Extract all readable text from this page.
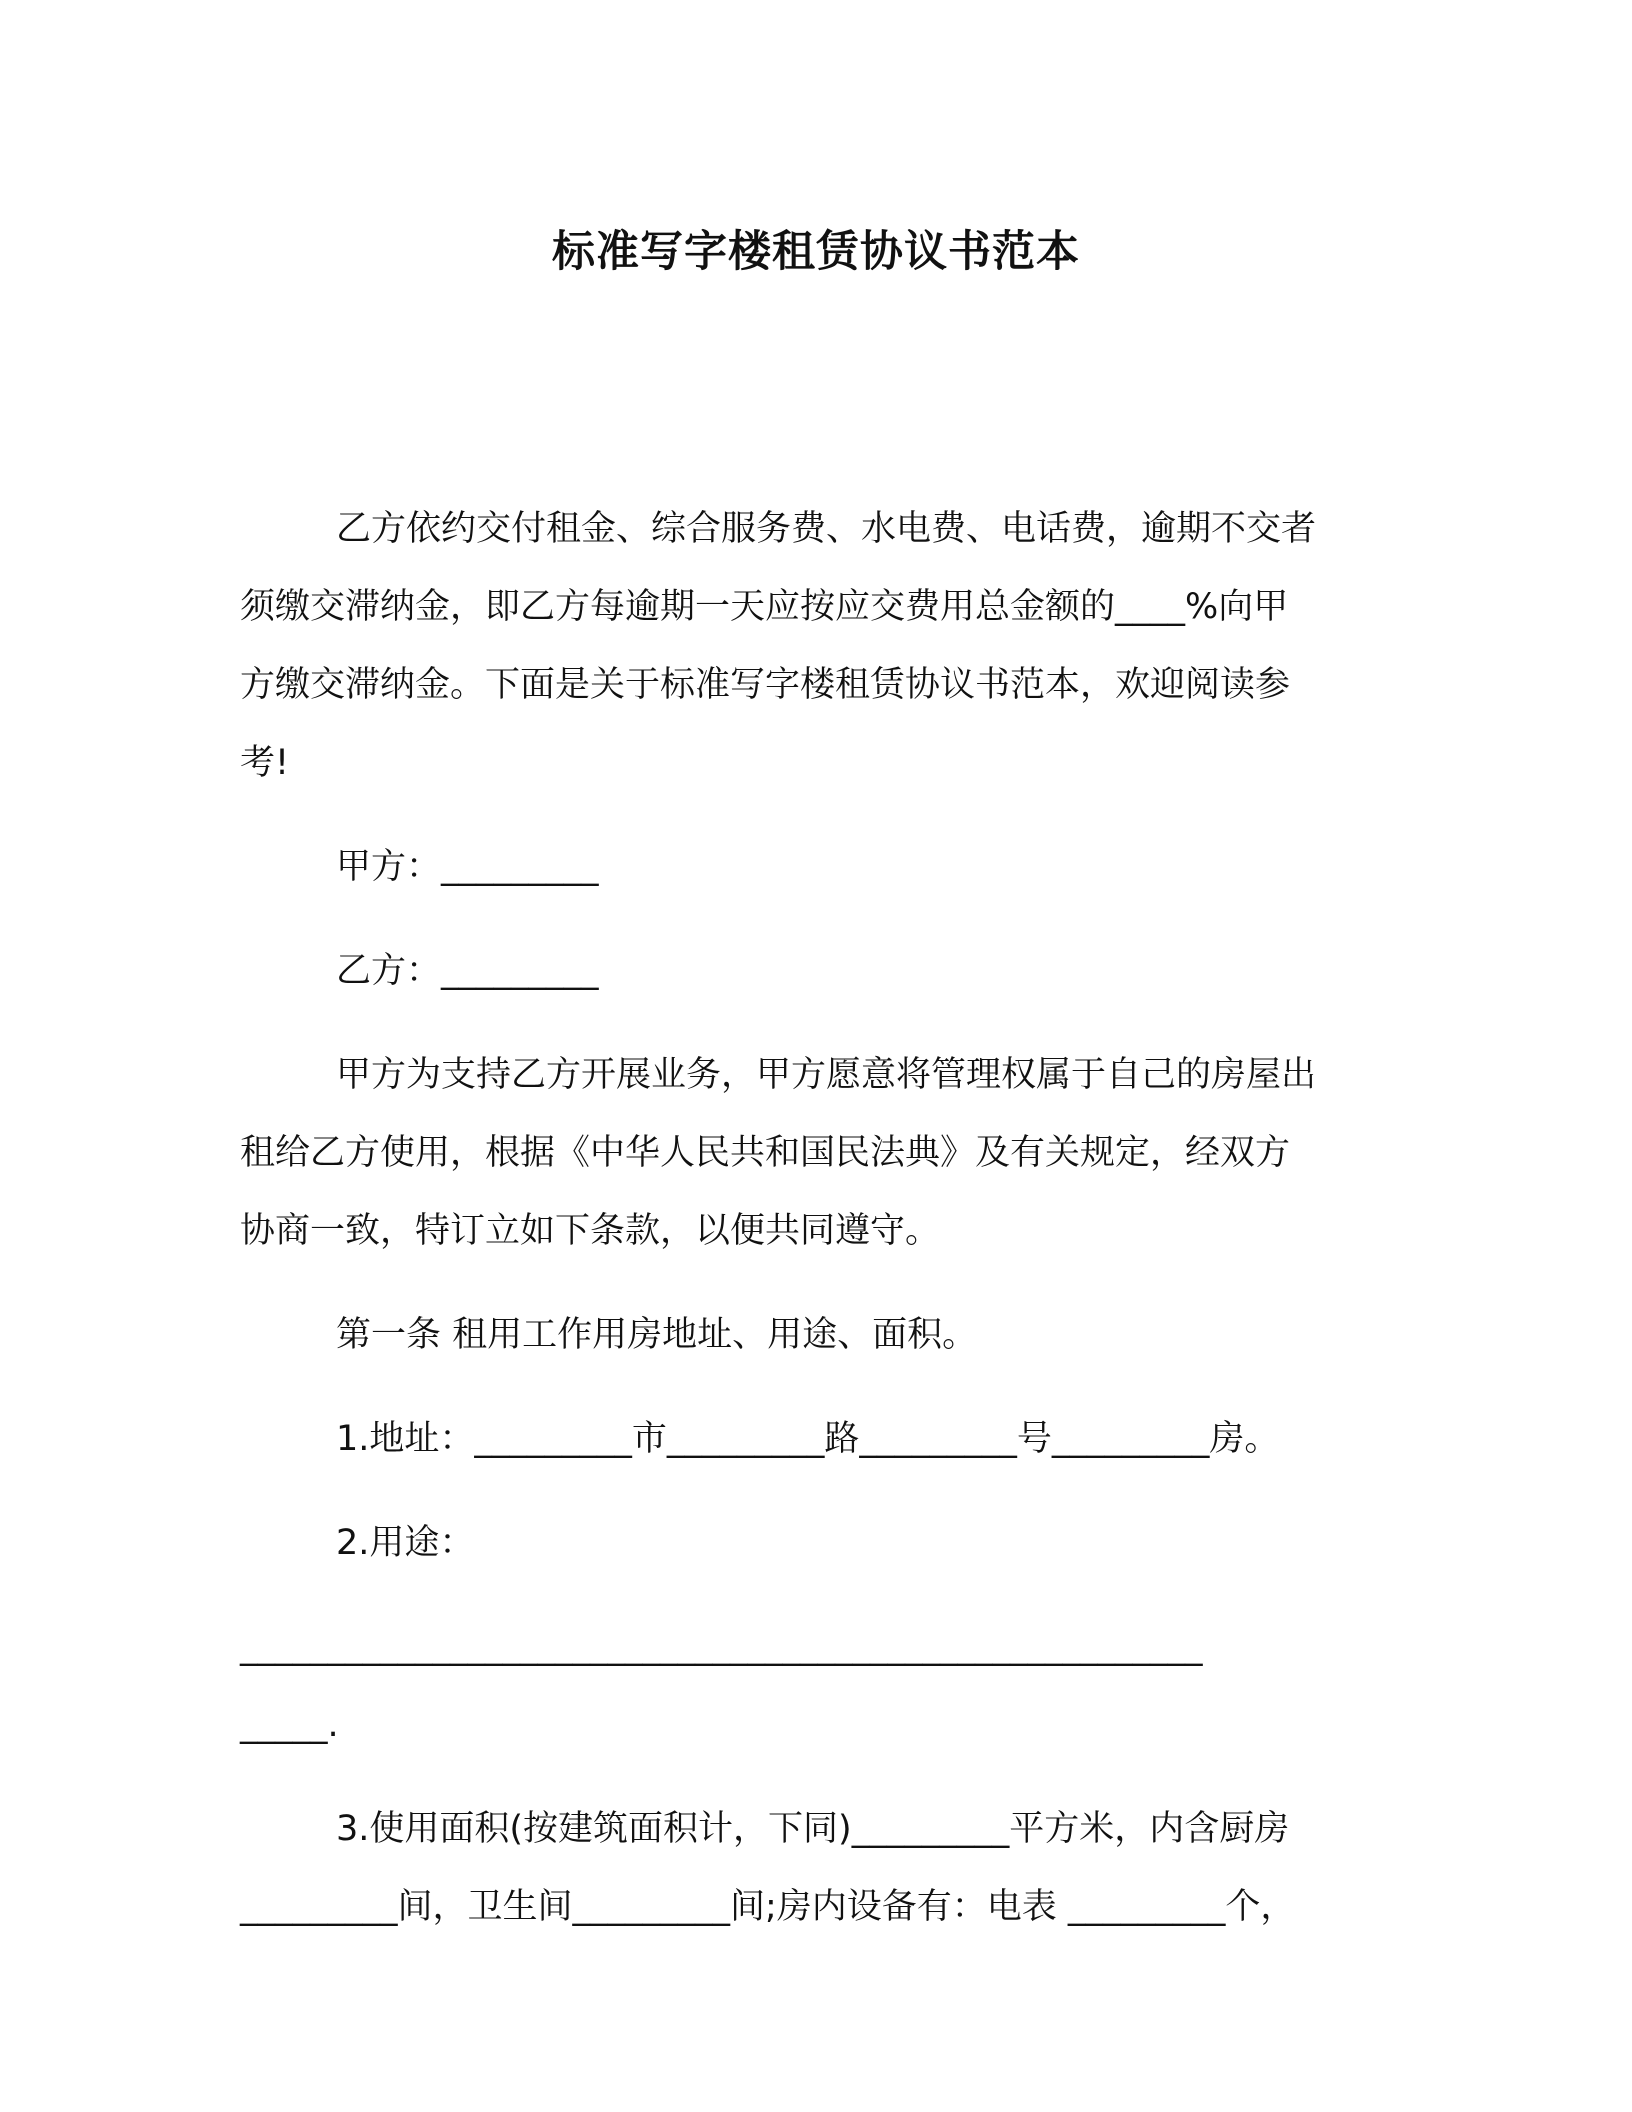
标准写字楼租赁协议书范本
乙方依约交付租金、综合服务费、水电费、电话费，逾期不交者
须缴交滞纳金，即乙方每逾期一天应按应交费用总金额的____%向甲
方缴交滞纳金。下面是关于标准写字楼租赁协议书范本，欢迎阅读参
考!
甲方：_________
乙方：_________
甲方为支持乙方开展业务，甲方愿意将管理权属于自己的房屋出
租给乙方使用，根据《中华人民共和国民法典》及有关规定，经双方
协商一致，特订立如下条款，以便共同遵守。
第一条 租用工作用房地址、用途、面积。
1.地址：_________市_________路_________号_________房。
2.用途：
_______________________________________________________
_____.
3.使用面积(按建筑面积计，下同)_________平方米，内含厨房
_________间，卫生间_________间;房内设备有：电表 _________个，
